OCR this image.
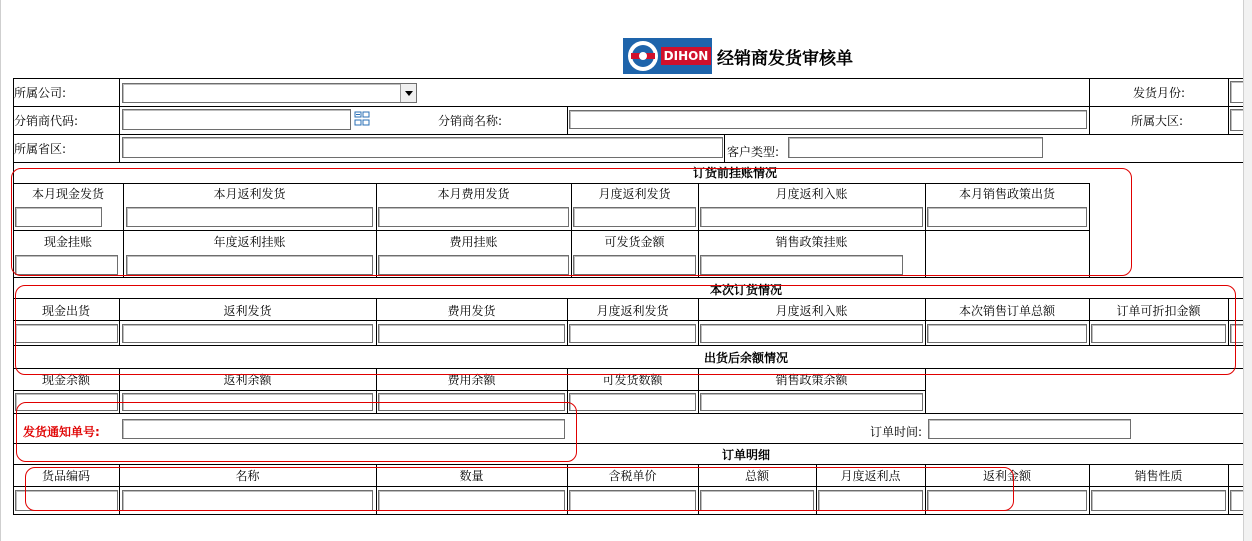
DIHON 经销商发货审核单
所属公司:	发货月份:
分销商代码:	分销商名称:	所属大区:
所属省区:	客户类型:
订货前挂账情况
本月现金发货	本月返利发货	本月费用发货	月度返利发货	月度返利入账	本月销售政策出货
现金挂账	年度返利挂账	费用挂账	可发货金额	销售政策挂账
本次订货情况
现金出货	返利发货	费用发货	月度返利发货	月度返利入账	本次销售订单总额	订单可折扣金额
出货后余额情况
现金余额	返利余额	费用余额	可发货数额	销售政策余额
发货通知单号:	订单时间:
订单明细
货品编码	名称	数量	含税单价	总额	月度返利点	返利金额	销售性质
